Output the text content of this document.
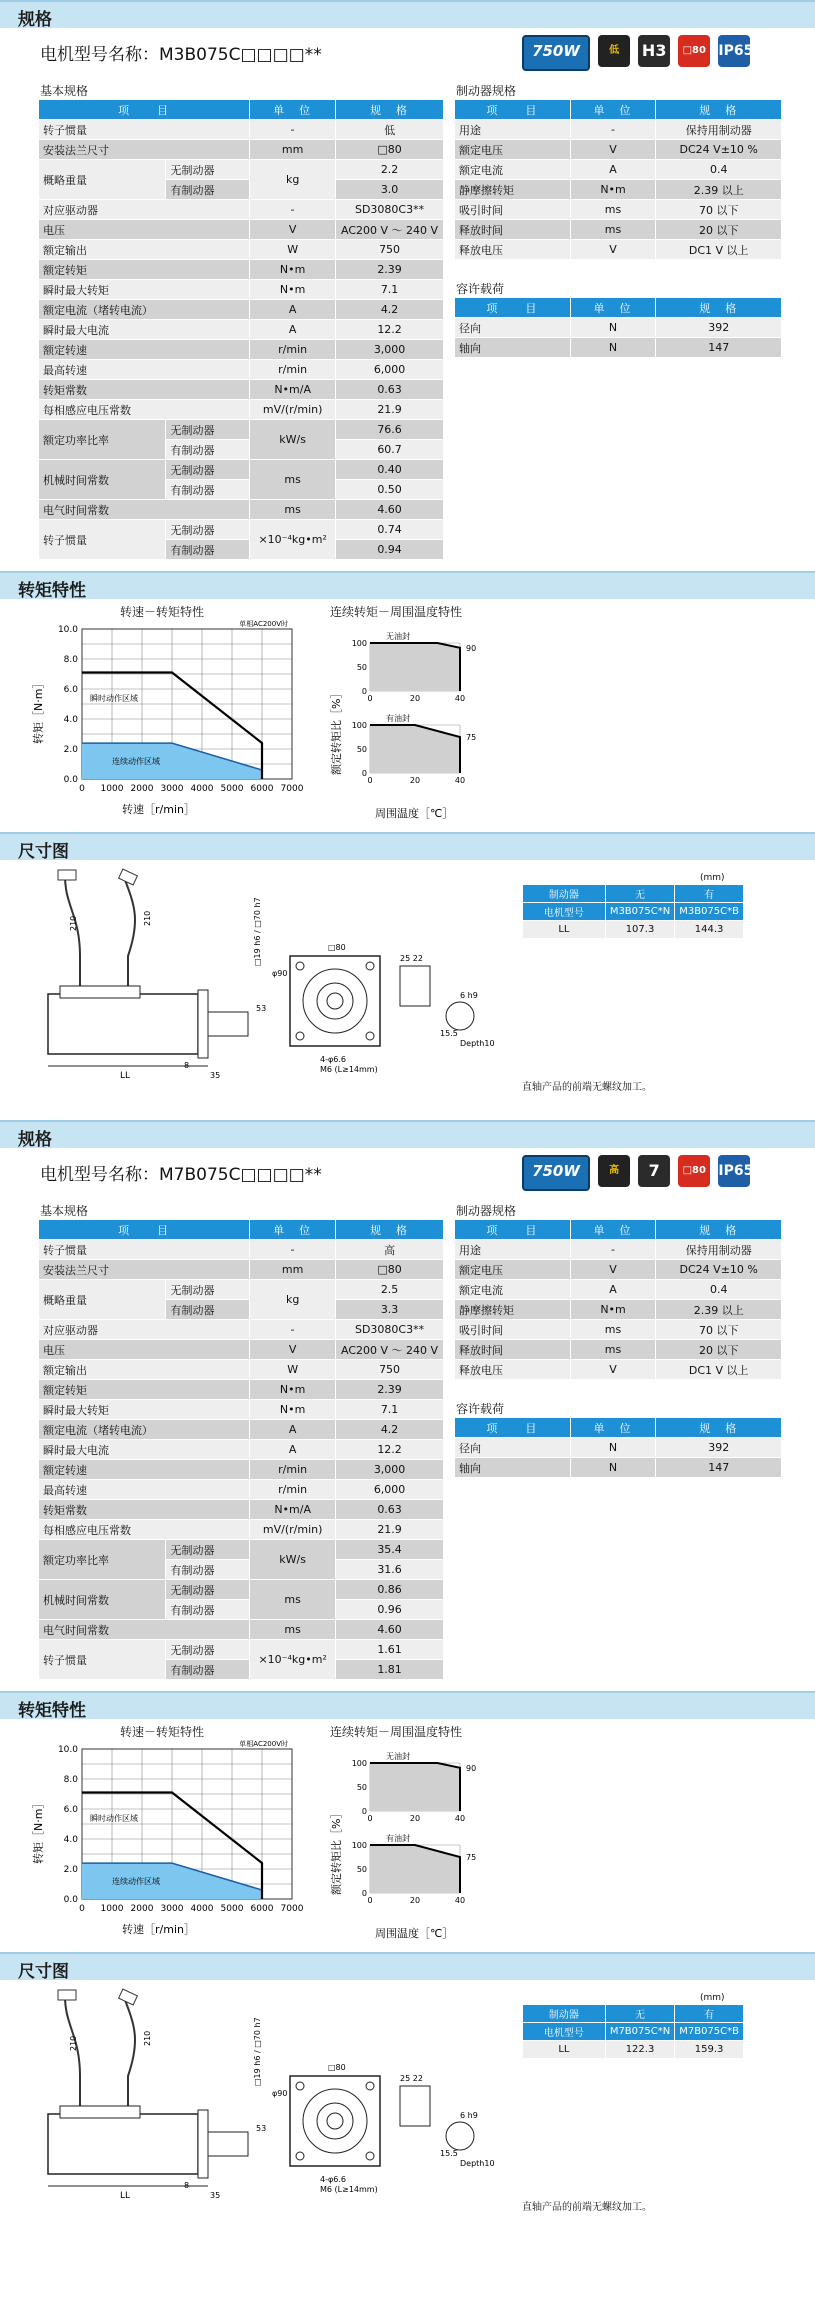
规格
电机型号名称：M3B075C□□□□**	750W	低 H3 □80 IP65
基本规格
项　　目		单　位	规　格
转子惯量		-	低
安装法兰尺寸		mm	□80
概略重量	无制动器	kg	2.2
	有制动器		3.0
对应驱动器		-	SD3080C3**
电压		V	AC200 V ～ 240 V
额定输出		W	750
额定转矩		N•m	2.39
瞬时最大转矩		N•m	7.1
额定电流（堵转电流）		A	4.2
瞬时最大电流		A	12.2
额定转速		r/min	3,000
最高转速		r/min	6,000
转矩常数		N•m/A	0.63
每相感应电压常数		mV/(r/min)	21.9
额定功率比率	无制动器	kW/s	76.6
	有制动器		60.7
机械时间常数	无制动器	ms	0.40
	有制动器		0.50
电气时间常数		ms	4.60
转子惯量	无制动器	×10⁻⁴kg•m²	0.74
	有制动器		0.94
制动器规格
项　　目	单　位	规　格
用途	-	保持用制动器
额定电压	V	DC24 V±10 %
额定电流	A	0.4
静摩擦转矩	N•m	2.39 以上
吸引时间	ms	70 以下
释放时间	ms	20 以下
释放电压	V	DC1 V 以上
容许载荷
项　　目	单　位	规　格
径向	N	392
轴向	N	147
转矩特性
转速－转矩特性	连续转矩－周围温度特性
0 1000 2000 3000 4000 5000 6000 7000
0.0
2.0
4.0
6.0
8.0
10.0
单相AC200V时
瞬时动作区域
连续动作区域
转矩［N·m］
转速［r/min］
无油封
90
0
50
100
0	20	40
有油封
75
0
50
100
0	20	40
额定转矩比［%］
周围温度［℃］
尺寸图
210	210
LL	35
8
53
□19 h6 / □70 h7	□80
φ90
4-φ6.6
M6 (L≥14mm)
25 22
6 h9
Depth10
15.5
(mm)
制动器	无	有
电机型号	M3B075C*N	M3B075C*B
LL	107.3	144.3
直轴产品的前端无螺纹加工。
规格
电机型号名称：M7B075C□□□□**	750W	高 7 □80 IP65
基本规格
项　　目		单　位	规　格
转子惯量		-	高
安装法兰尺寸		mm	□80
概略重量	无制动器	kg	2.5
	有制动器		3.3
对应驱动器		-	SD3080C3**
电压		V	AC200 V ～ 240 V
额定输出		W	750
额定转矩		N•m	2.39
瞬时最大转矩		N•m	7.1
额定电流（堵转电流）		A	4.2
瞬时最大电流		A	12.2
额定转速		r/min	3,000
最高转速		r/min	6,000
转矩常数		N•m/A	0.63
每相感应电压常数		mV/(r/min)	21.9
额定功率比率	无制动器	kW/s	35.4
	有制动器		31.6
机械时间常数	无制动器	ms	0.86
	有制动器		0.96
电气时间常数		ms	4.60
转子惯量	无制动器	×10⁻⁴kg•m²	1.61
	有制动器		1.81
制动器规格
项　　目	单　位	规　格
用途	-	保持用制动器
额定电压	V	DC24 V±10 %
额定电流	A	0.4
静摩擦转矩	N•m	2.39 以上
吸引时间	ms	70 以下
释放时间	ms	20 以下
释放电压	V	DC1 V 以上
容许载荷
项　　目	单　位	规　格
径向	N	392
轴向	N	147
转矩特性
转速－转矩特性	连续转矩－周围温度特性
0 1000 2000 3000 4000 5000 6000 7000
0.0
2.0
4.0
6.0
8.0
10.0
单相AC200V时
瞬时动作区域
连续动作区域
转矩［N·m］
转速［r/min］
无油封
90
0
50
100
0	20	40
有油封
75
0
50
100
0	20	40
额定转矩比［%］
周围温度［℃］
尺寸图
210	210
LL	35
8
53
□19 h6 / □70 h7	□80
φ90
4-φ6.6
M6 (L≥14mm)
25 22
6 h9
Depth10
15.5
(mm)
制动器	无	有
电机型号	M7B075C*N	M7B075C*B
LL	122.3	159.3
直轴产品的前端无螺纹加工。
